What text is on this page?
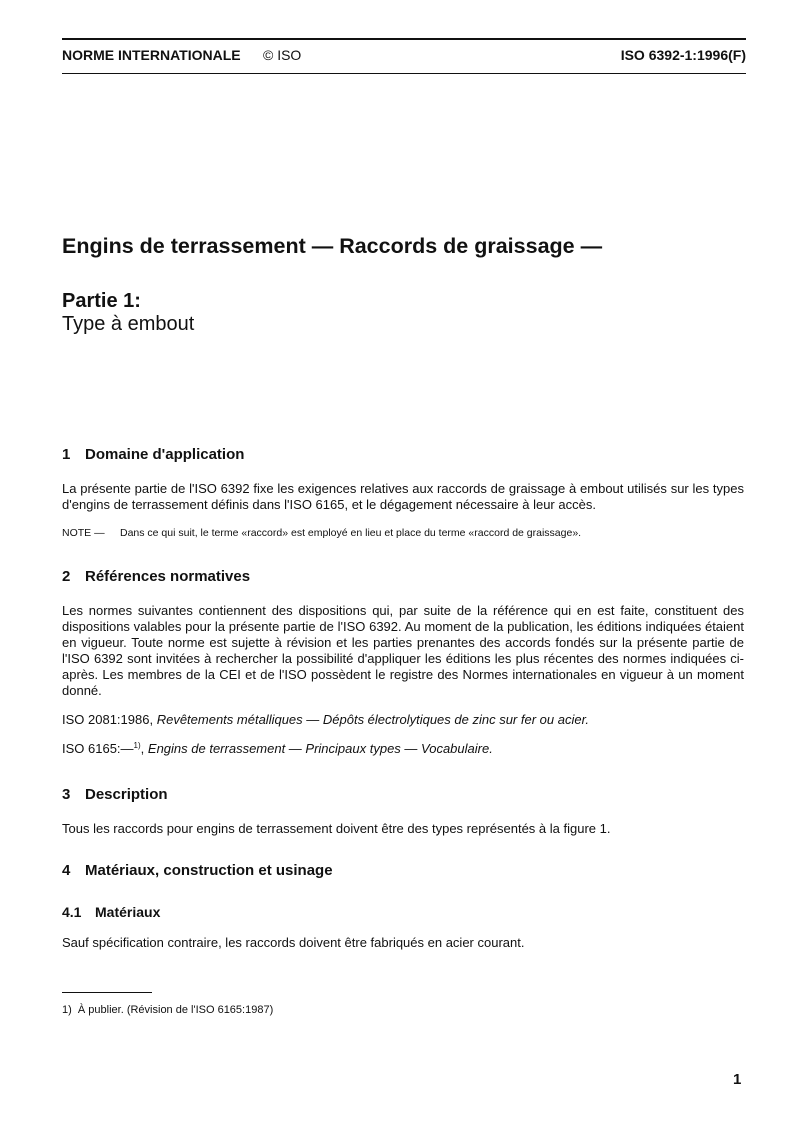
NORME INTERNATIONALE © ISO	ISO 6392-1:1996(F)
Engins de terrassement — Raccords de graissage —
Partie 1:
Type à embout
1 Domaine d'application
La présente partie de l'ISO 6392 fixe les exigences relatives aux raccords de graissage à embout utilisés sur les types d'engins de terrassement définis dans l'ISO 6165, et le dégagement nécessaire à leur accès.
NOTE — Dans ce qui suit, le terme «raccord» est employé en lieu et place du terme «raccord de graissage».
2 Références normatives
Les normes suivantes contiennent des dispositions qui, par suite de la référence qui en est faite, constituent des dispositions valables pour la présente partie de l'ISO 6392. Au moment de la publication, les éditions indiquées étaient en vigueur. Toute norme est sujette à révision et les parties prenantes des accords fondés sur la présente partie de l'ISO 6392 sont invitées à rechercher la possibilité d'appliquer les éditions les plus récentes des normes indiquées ci-après. Les membres de la CEI et de l'ISO possèdent le registre des Normes internationales en vigueur à un moment donné.
ISO 2081:1986, Revêtements métalliques — Dépôts électrolytiques de zinc sur fer ou acier.
ISO 6165:—$^{1)}$, Engins de terrassement — Principaux types — Vocabulaire.
3 Description
Tous les raccords pour engins de terrassement doivent être des types représentés à la figure 1.
4 Matériaux, construction et usinage
4.1 Matériaux
Sauf spécification contraire, les raccords doivent être fabriqués en acier courant.
1) À publier. (Révision de l'ISO 6165:1987)
1
